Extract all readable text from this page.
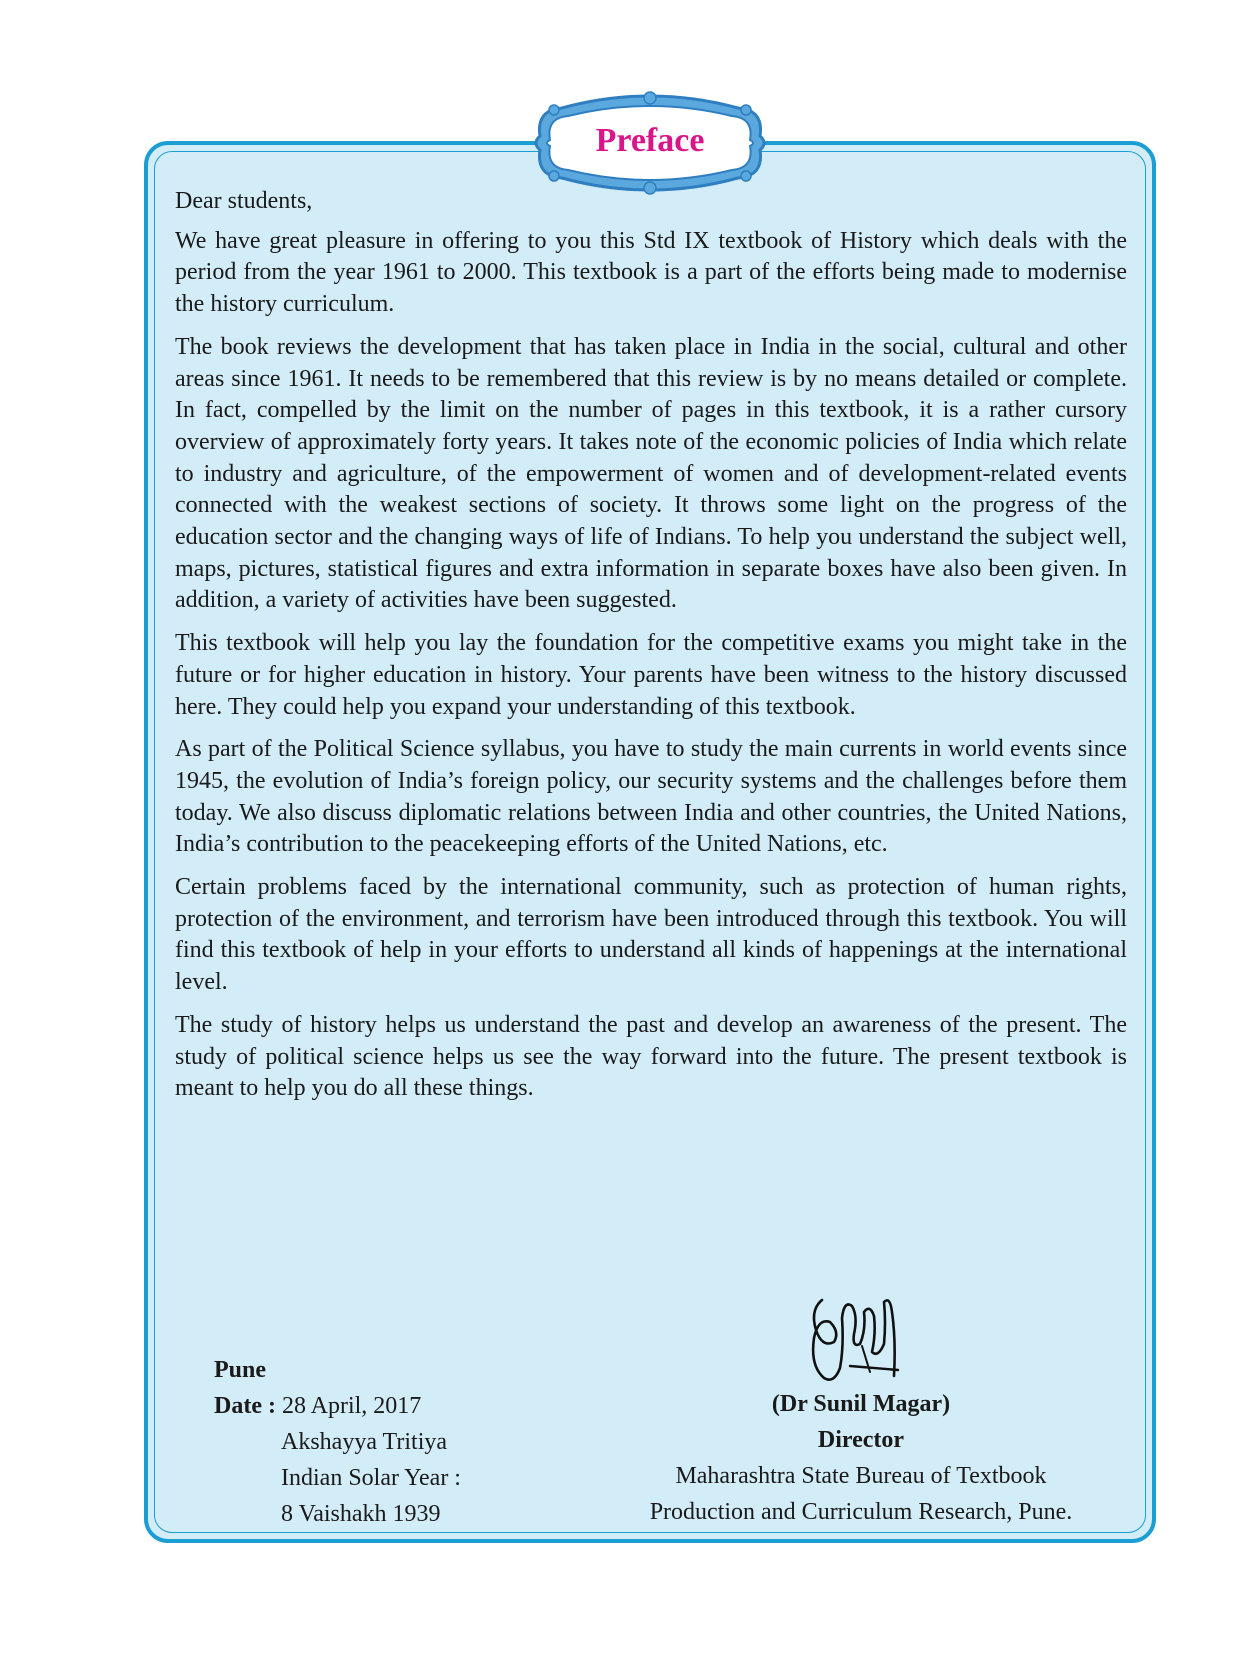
Preface

Dear students,

We have great pleasure in offering to you this Std IX textbook of History which deals with the period from the year 1961 to 2000. This textbook is a part of the efforts being made to modernise the history curriculum.

The book reviews the development that has taken place in India in the social, cultural and other areas since 1961. It needs to be remembered that this review is by no means detailed or complete. In fact, compelled by the limit on the number of pages in this textbook, it is a rather cursory overview of approximately forty years. It takes note of the economic policies of India which relate to industry and agriculture, of the empowerment of women and of development-related events connected with the weakest sections of society. It throws some light on the progress of the education sector and the changing ways of life of Indians. To help you understand the subject well, maps, pictures, statistical figures and extra information in separate boxes have also been given. In addition, a variety of activities have been suggested.

This textbook will help you lay the foundation for the competitive exams you might take in the future or for higher education in history. Your parents have been witness to the history discussed here. They could help you expand your understanding of this textbook.

As part of the Political Science syllabus, you have to study the main currents in world events since 1945, the evolution of India’s foreign policy, our security systems and the challenges before them today. We also discuss diplomatic relations between India and other countries, the United Nations, India’s contribution to the peacekeeping efforts of the United Nations, etc.

Certain problems faced by the international community, such as protection of human rights, protection of the environment, and terrorism have been introduced through this textbook. You will find this textbook of help in your efforts to understand all kinds of happenings at the international level.

The study of history helps us understand the past and develop an awareness of the present. The study of political science helps us see the way forward into the future. The present textbook is meant to help you do all these things.

Pune
Date : 28 April, 2017
Akshayya Tritiya
Indian Solar Year :
8 Vaishakh 1939
(Dr Sunil Magar)
Director
Maharashtra State Bureau of Textbook
Production and Curriculum Research, Pune.
